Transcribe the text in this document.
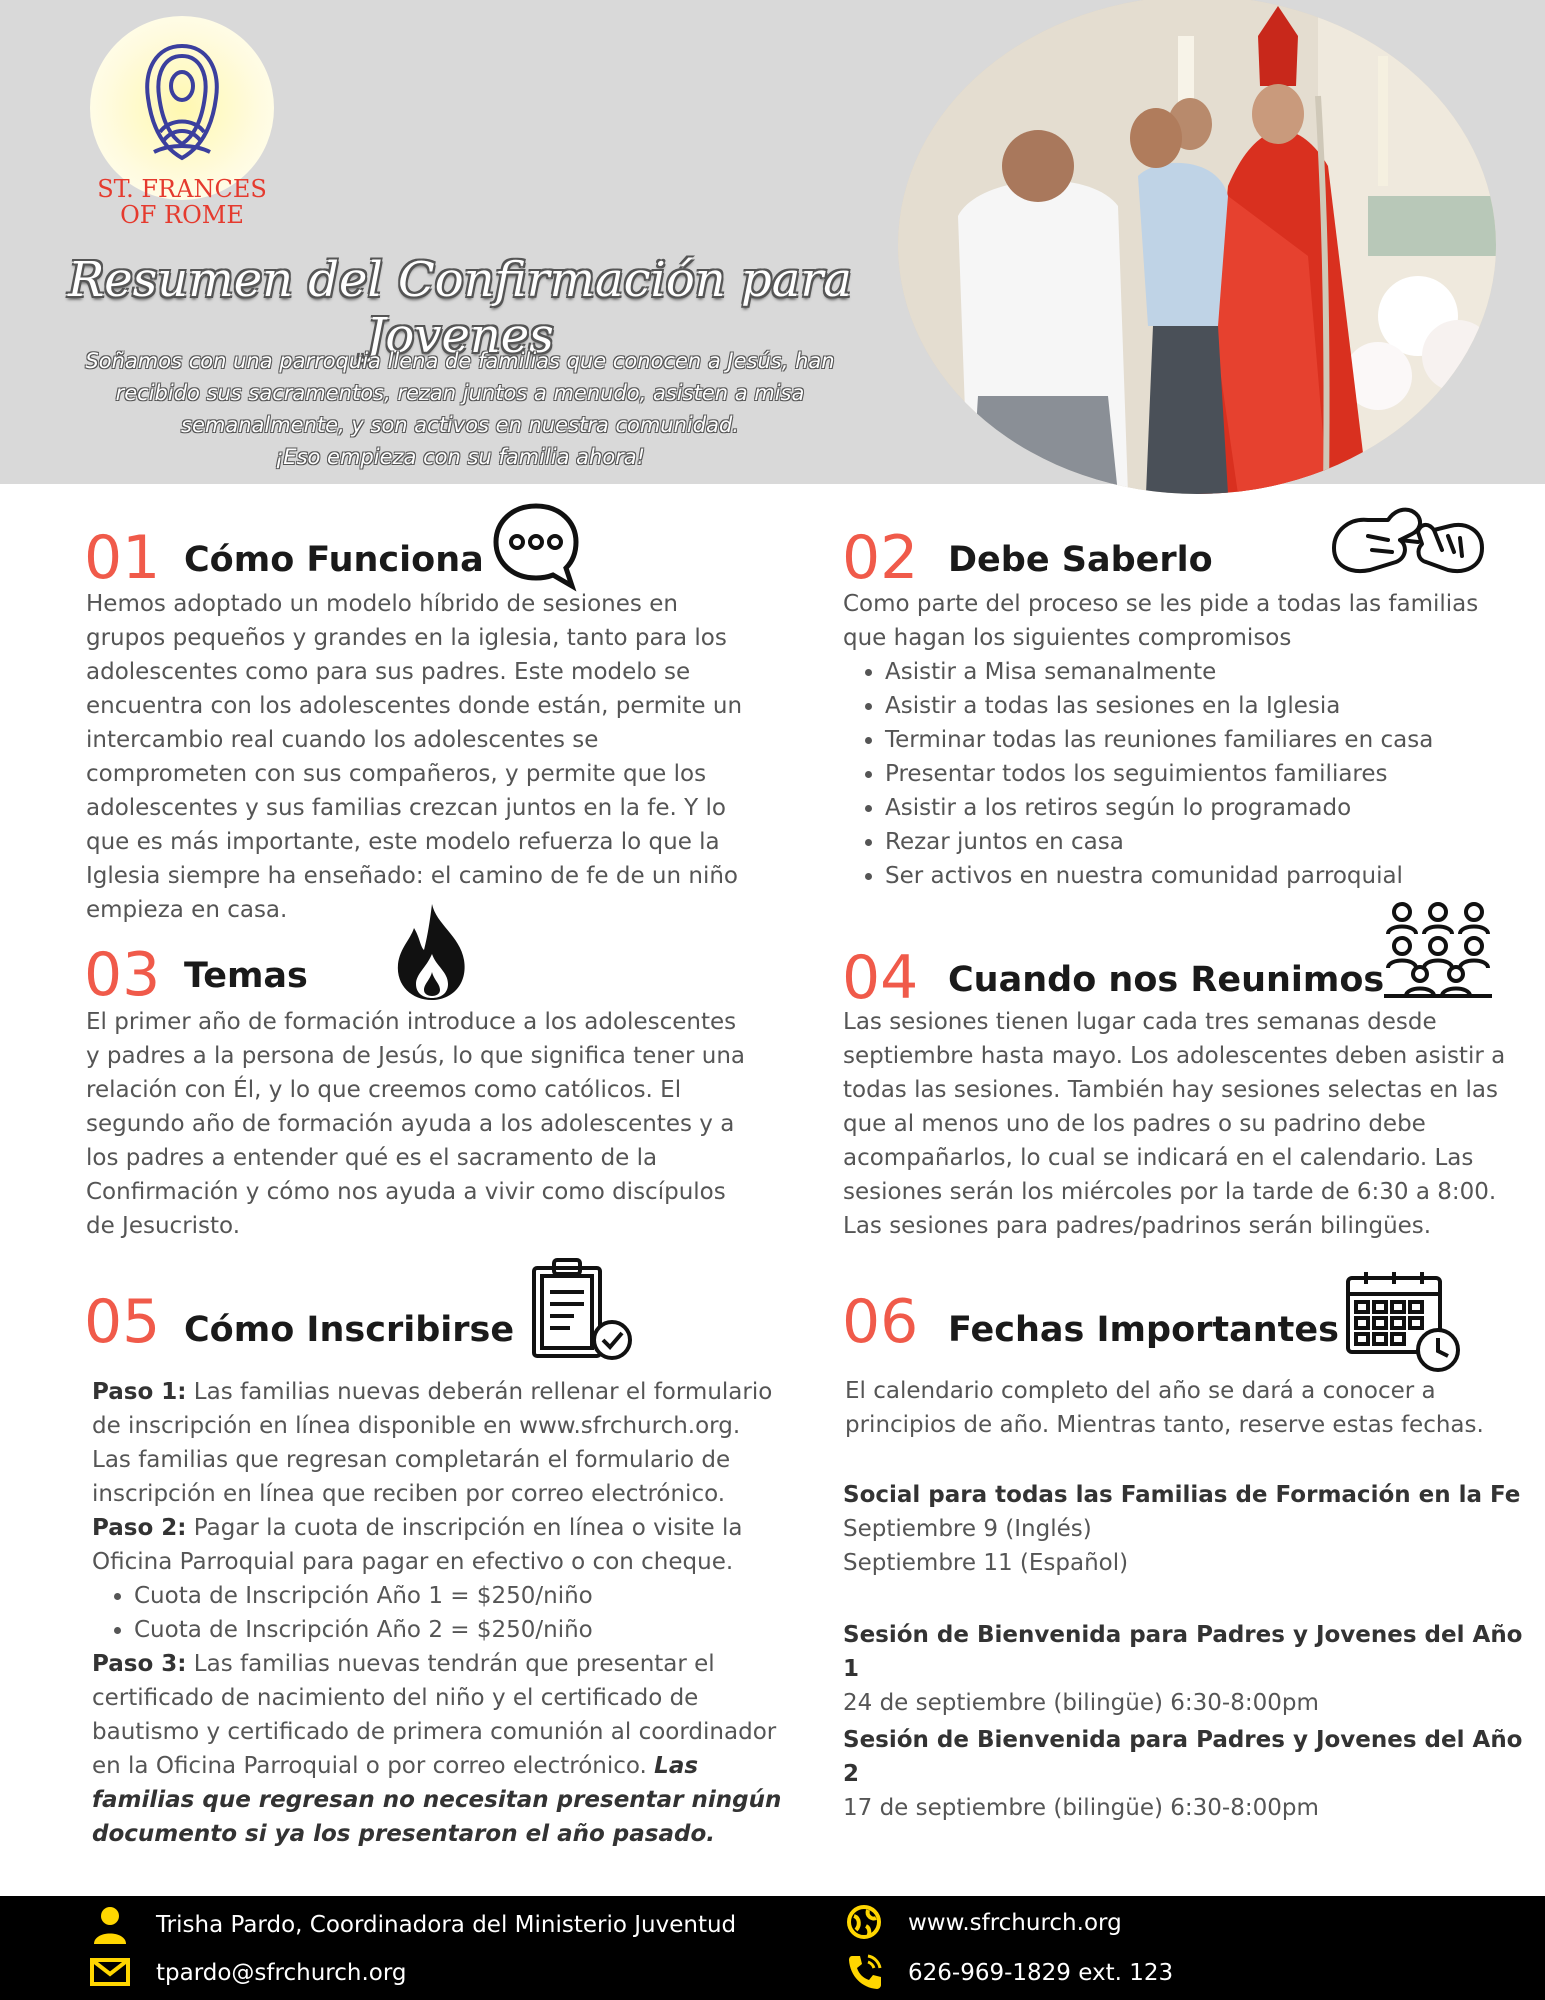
ST. FRANCES
OF ROME
Resumen del Confirmación para Jovenes
Soñamos con una parroquia llena de familias que conocen a Jesús, han
recibido sus sacramentos, rezan juntos a menudo, asisten a misa
semanalmente, y son activos en nuestra comunidad.
¡Eso empieza con su familia ahora!
01 Cómo Funciona
Hemos adoptado un modelo híbrido de sesiones en grupos pequeños y grandes en la iglesia, tanto para los adolescentes como para sus padres. Este modelo se encuentra con los adolescentes donde están, permite un intercambio real cuando los adolescentes se comprometen con sus compañeros, y permite que los adolescentes y sus familias crezcan juntos en la fe. Y lo que es más importante, este modelo refuerza lo que la Iglesia siempre ha enseñado: el camino de fe de un niño empieza en casa.
02 Debe Saberlo

Como parte del proceso se les pide a todas las familias que hagan los siguientes compromisos

• Asistir a Misa semanalmente
• Asistir a todas las sesiones en la Iglesia
• Terminar todas las reuniones familiares en casa
• Presentar todos los seguimientos familiares
• Asistir a los retiros según lo programado
• Rezar juntos en casa
• Ser activos en nuestra comunidad parroquial
03 Temas
El primer año de formación introduce a los adolescentes y padres a la persona de Jesús, lo que significa tener una relación con Él, y lo que creemos como católicos. El segundo año de formación ayuda a los adolescentes y a los padres a entender qué es el sacramento de la Confirmación y cómo nos ayuda a vivir como discípulos de Jesucristo.
04 Cuando nos Reunimos
Las sesiones tienen lugar cada tres semanas desde septiembre hasta mayo. Los adolescentes deben asistir a todas las sesiones. También hay sesiones selectas en las que al menos uno de los padres o su padrino debe acompañarlos, lo cual se indicará en el calendario. Las sesiones serán los miércoles por la tarde de 6:30 a 8:00. Las sesiones para padres/padrinos serán bilingües.
05 Cómo Inscribirse

Paso 1: Las familias nuevas deberán rellenar el formulario de inscripción en línea disponible en www.sfrchurch.org. Las familias que regresan completarán el formulario de inscripción en línea que reciben por correo electrónico.

Paso 2: Pagar la cuota de inscripción en línea o visite la Oficina Parroquial para pagar en efectivo o con cheque.

• Cuota de Inscripción Año 1 = $250/niño
• Cuota de Inscripción Año 2 = $250/niño

Paso 3: Las familias nuevas tendrán que presentar el certificado de nacimiento del niño y el certificado de bautismo y certificado de primera comunión al coordinador en la Oficina Parroquial o por correo electrónico. Las familias que regresan no necesitan presentar ningún documento si ya los presentaron el año pasado.

06 Fechas Importantes
El calendario completo del año se dará a conocer a principios de año. Mientras tanto, reserve estas fechas.

Social para todas las Familias de Formación en la Fe

Septiembre 9 (Inglés)

Septiembre 11 (Español)

Sesión de Bienvenida para Padres y Jovenes del Año 1

24 de septiembre (bilingüe) 6:30-8:00pm

Sesión de Bienvenida para Padres y Jovenes del Año 2

17 de septiembre (bilingüe) 6:30-8:00pm

Trisha Pardo, Coordinadora del Ministerio Juventud
tpardo@sfrchurch.org
www.sfrchurch.org
626-969-1829 ext. 123
